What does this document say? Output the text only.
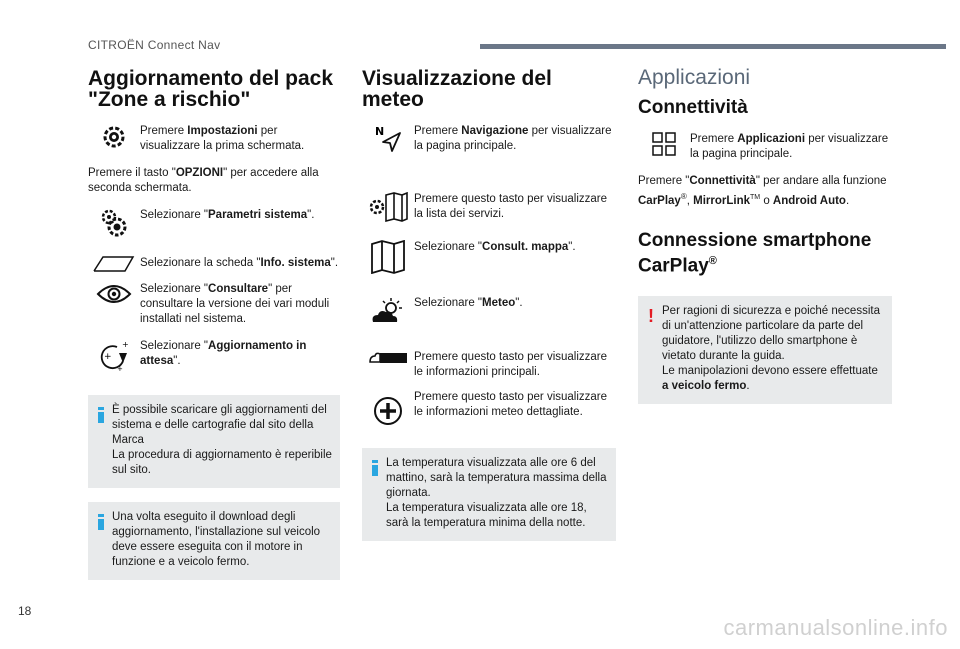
CITROËN Connect Nav
Aggiornamento del pack "Zone a rischio"
Premere Impostazioni per visualizzare la prima schermata.
Premere il tasto "OPZIONI" per accedere alla seconda schermata.
Selezionare "Parametri sistema".
Selezionare la scheda "Info. sistema".
Selezionare "Consultare" per consultare la versione dei vari moduli installati nel sistema.
+
+
+
Selezionare "Aggiornamento in attesa".
È possibile scaricare gli aggiornamenti del sistema e delle cartografie dal sito della Marca
La procedura di aggiornamento è reperibile sul sito.
Una volta eseguito il download degli aggiornamento, l'installazione sul veicolo deve essere eseguita con il motore in funzione e a veicolo fermo.
Visualizzazione del meteo
N	Premere Navigazione per visualizzare la pagina principale.
Premere questo tasto per visualizzare la lista dei servizi.
Selezionare "Consult. mappa".
Selezionare "Meteo".
Premere questo tasto per visualizzare le informazioni principali.
Premere questo tasto per visualizzare le informazioni meteo dettagliate.
La temperatura visualizzata alle ore 6 del mattino, sarà la temperatura massima della giornata.
La temperatura visualizzata alle ore 18, sarà la temperatura minima della notte.
Applicazioni
Connettività
Premere Applicazioni per visualizzare la pagina principale.
Premere "Connettività" per andare alla funzione CarPlay®, MirrorLink™ o Android Auto.
Connessione smartphone CarPlay®
! Per ragioni di sicurezza e poiché necessita di un'attenzione particolare da parte del guidatore, l'utilizzo dello smartphone è vietato durante la guida.
Le manipolazioni devono essere effettuate a veicolo fermo.
18
carmanualsonline.info
